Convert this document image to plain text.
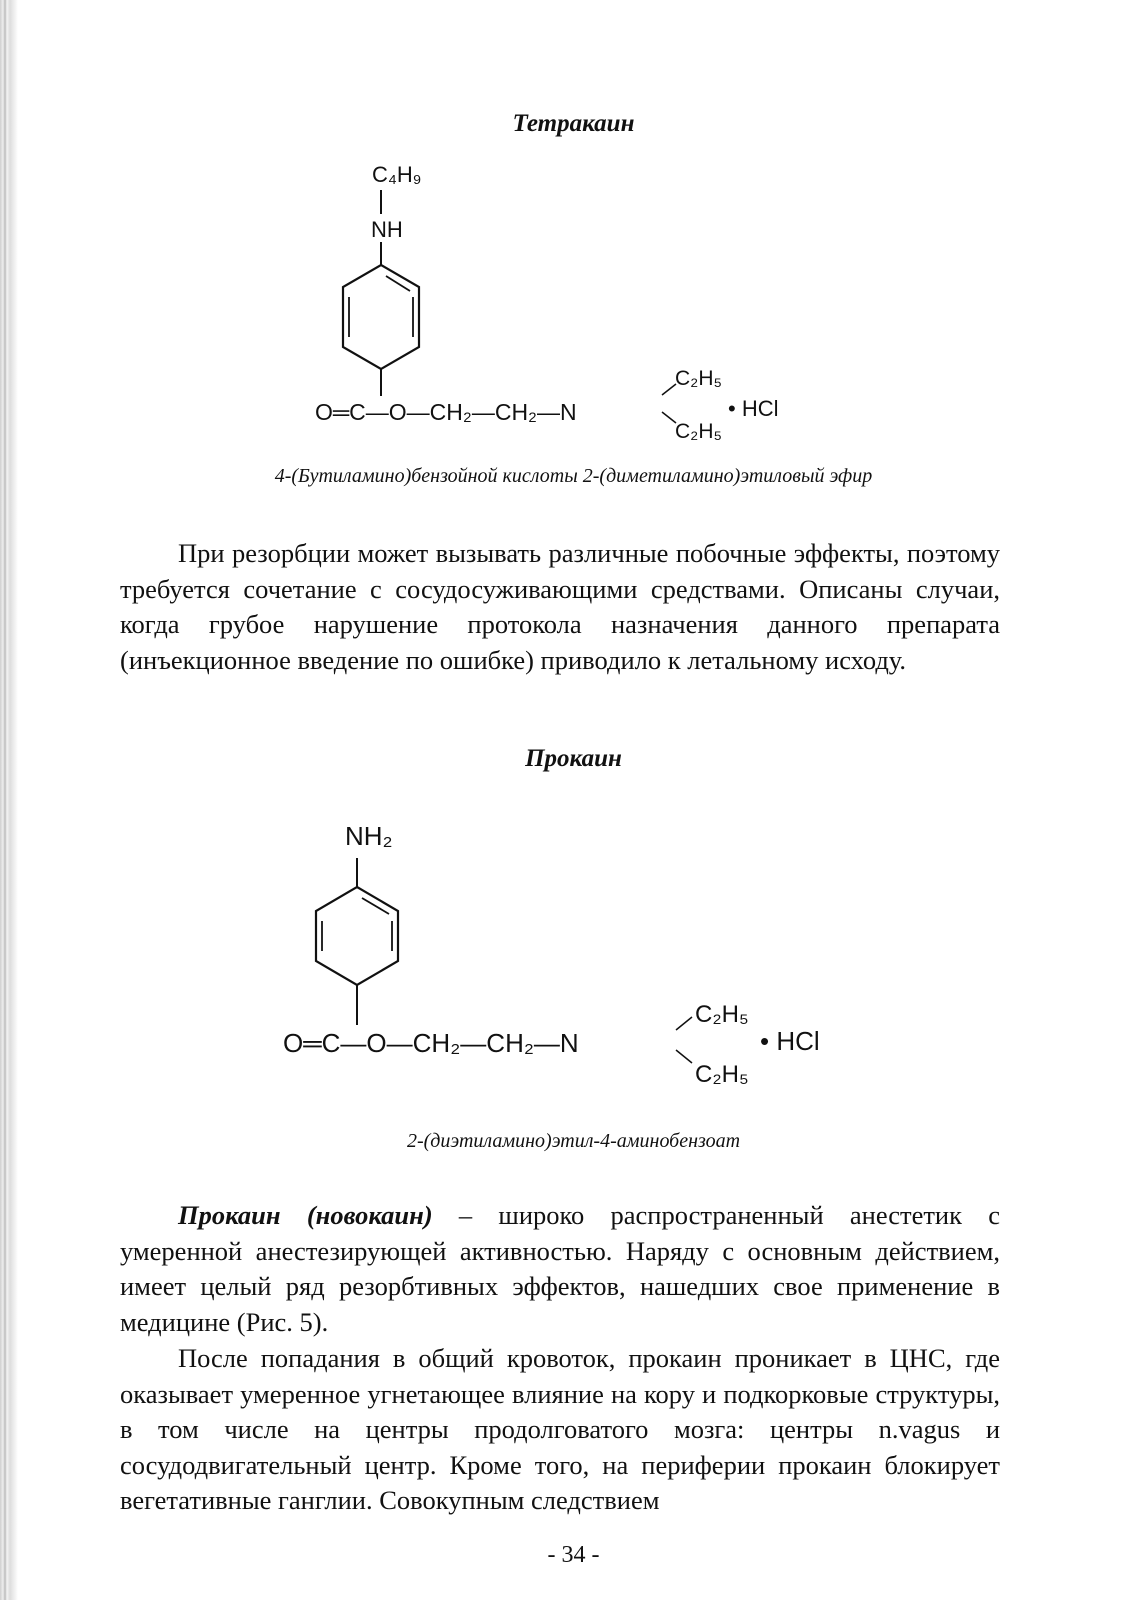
Тетракаин
C₄H₉
NH
O═C—O—CH₂—CH₂—N
C₂H₅
C₂H₅
• HCl
4-(Бутиламино)бензойной кислоты 2-(диметиламино)этиловый эфир

При резорбции может вызывать различные побочные эффекты, поэтому требуется сочетание с сосудосуживающими средствами. Описаны случаи, когда грубое нарушение протокола назначения данного препарата (инъекционное введение по ошибке) приводило к летальному исходу.

Прокаин
NH₂
O═C—O—CH₂—CH₂—N
C₂H₅
C₂H₅
• HCl
2-(диэтиламино)этил-4-аминобензоат

Прокаин (новокаин) – широко распространенный анестетик с умеренной анестезирующей активностью. Наряду с основным действием, имеет целый ряд резорбтивных эффектов, нашедших свое применение в медицине (Рис. 5).

После попадания в общий кровоток, прокаин проникает в ЦНС, где оказывает умеренное угнетающее влияние на кору и подкорковые структуры, в том числе на центры продолговатого мозга: центры n.vagus и сосудодвигательный центр. Кроме того, на периферии прокаин блокирует вегетативные ганглии. Совокупным следствием

- 34 -
